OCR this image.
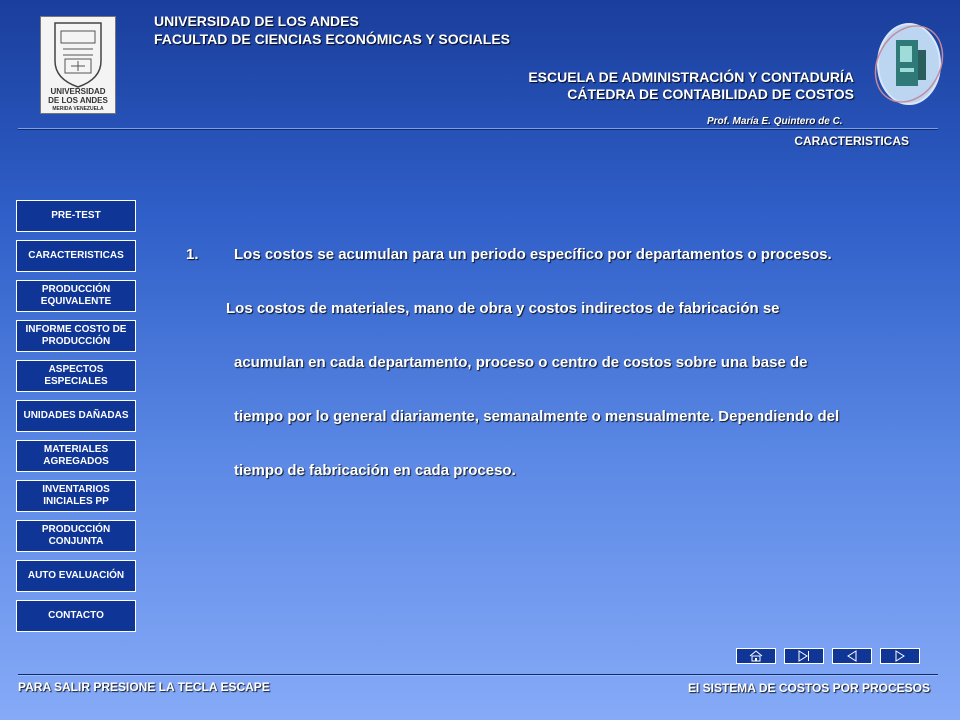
UNIVERSIDAD
DE LOS ANDES
MERIDA VENEZUELA
UNIVERSIDAD DE LOS ANDES
FACULTAD DE CIENCIAS ECONÓMICAS Y SOCIALES
ESCUELA DE ADMINISTRACIÓN Y CONTADURÍA
CÁTEDRA DE CONTABILIDAD DE COSTOS
Prof. María E. Quintero de C.
CARACTERISTICAS
PRE-TEST
CARACTERISTICAS
PRODUCCIÓN EQUIVALENTE
INFORME COSTO DE PRODUCCIÓN
ASPECTOS ESPECIALES
UNIDADES DAÑADAS
MATERIALES AGREGADOS
INVENTARIOS INICIALES PP
PRODUCCIÓN CONJUNTA
AUTO EVALUACIÓN
CONTACTO
1. Los costos se acumulan para un periodo específico por departamentos o procesos.
Los costos de materiales, mano de obra y costos indirectos de fabricación se
acumulan en cada departamento, proceso o centro de costos sobre una base de
tiempo por lo general diariamente, semanalmente o mensualmente. Dependiendo del
tiempo de fabricación en cada proceso.
PARA SALIR PRESIONE LA TECLA ESCAPE	El SISTEMA DE COSTOS POR PROCESOS
